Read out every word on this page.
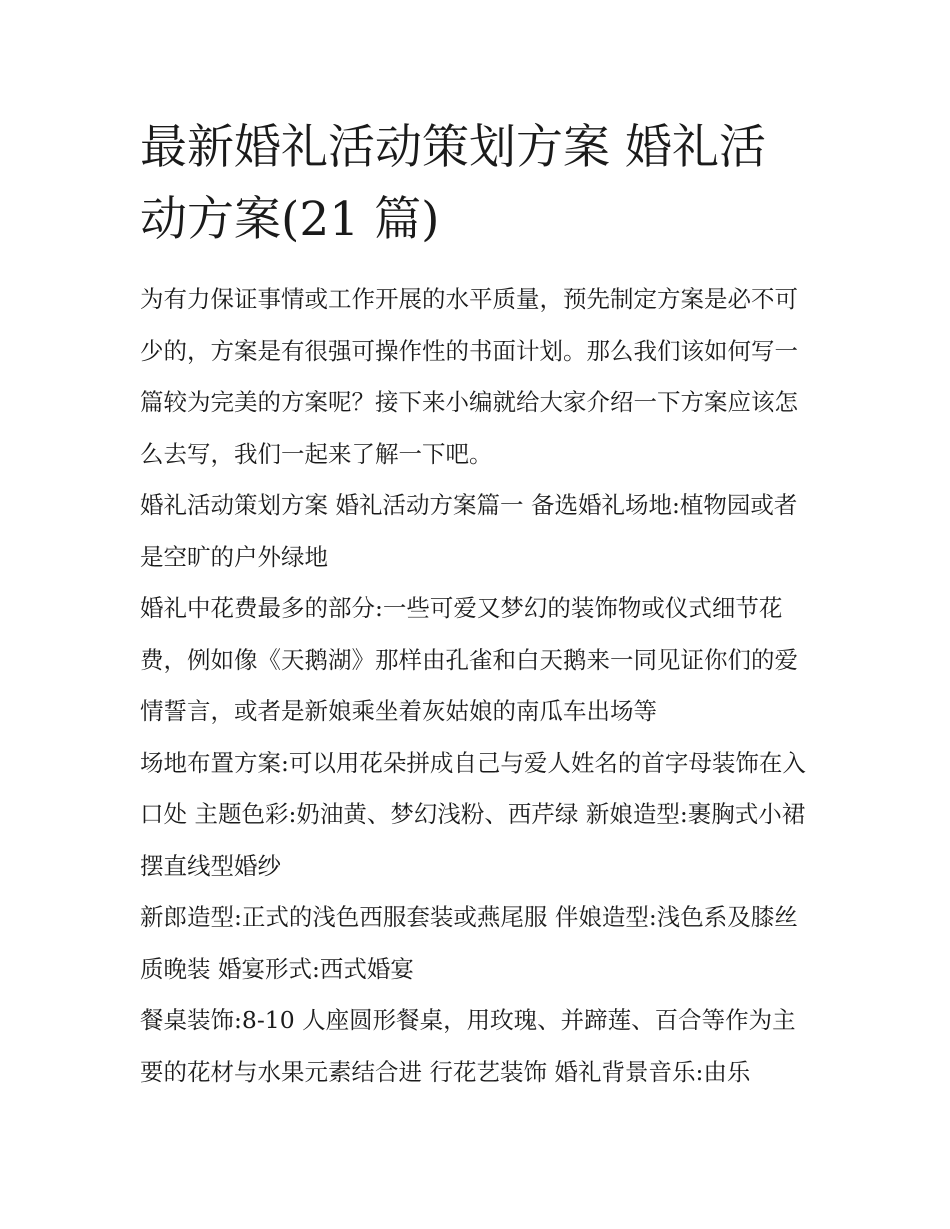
最新婚礼活动策划方案 婚礼活动方案(21 篇)

为有力保证事情或工作开展的水平质量，预先制定方案是必不可少的，方案是有很强可操作性的书面计划。那么我们该如何写一篇较为完美的方案呢？接下来小编就给大家介绍一下方案应该怎么去写，我们一起来了解一下吧。

婚礼活动策划方案 婚礼活动方案篇一 备选婚礼场地:植物园或者是空旷的户外绿地

婚礼中花费最多的部分:一些可爱又梦幻的装饰物或仪式细节花费，例如像《天鹅湖》那样由孔雀和白天鹅来一同见证你们的爱情誓言，或者是新娘乘坐着灰姑娘的南瓜车出场等

场地布置方案:可以用花朵拼成自己与爱人姓名的首字母装饰在入口处 主题色彩:奶油黄、梦幻浅粉、西芹绿 新娘造型:裹胸式小裙摆直线型婚纱

新郎造型:正式的浅色西服套装或燕尾服 伴娘造型:浅色系及膝丝质晚装 婚宴形式:西式婚宴

餐桌装饰:8-10 人座圆形餐桌，用玫瑰、并蹄莲、百合等作为主要的花材与水果元素结合进 行花艺装饰 婚礼背景音乐:由乐
